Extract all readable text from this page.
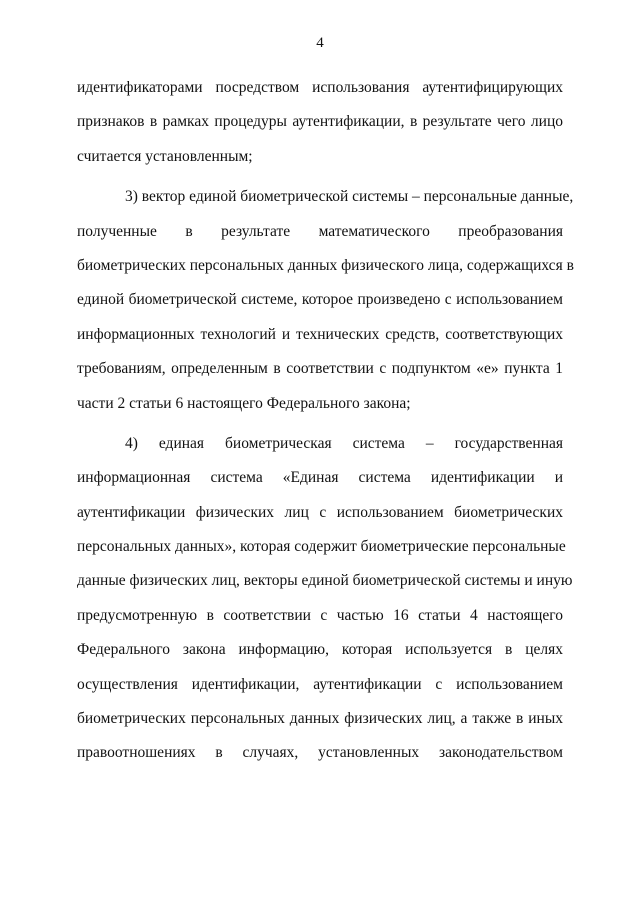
4
идентификаторами посредством использования аутентифицирующих
признаков в рамках процедуры аутентификации, в результате чего лицо
считается установленным;
3) вектор единой биометрической системы – персональные данные,
полученные в результате математического преобразования
биометрических персональных данных физического лица, содержащихся в
единой биометрической системе, которое произведено с использованием
информационных технологий и технических средств, соответствующих
требованиям, определенным в соответствии с подпунктом «е» пункта 1
части 2 статьи 6 настоящего Федерального закона;
4) единая биометрическая система – государственная
информационная система «Единая система идентификации и
аутентификации физических лиц с использованием биометрических
персональных данных», которая содержит биометрические персональные
данные физических лиц, векторы единой биометрической системы и иную
предусмотренную в соответствии с частью 16 статьи 4 настоящего
Федерального закона информацию, которая используется в целях
осуществления идентификации, аутентификации с использованием
биометрических персональных данных физических лиц, а также в иных
правоотношениях в случаях, установленных законодательством
